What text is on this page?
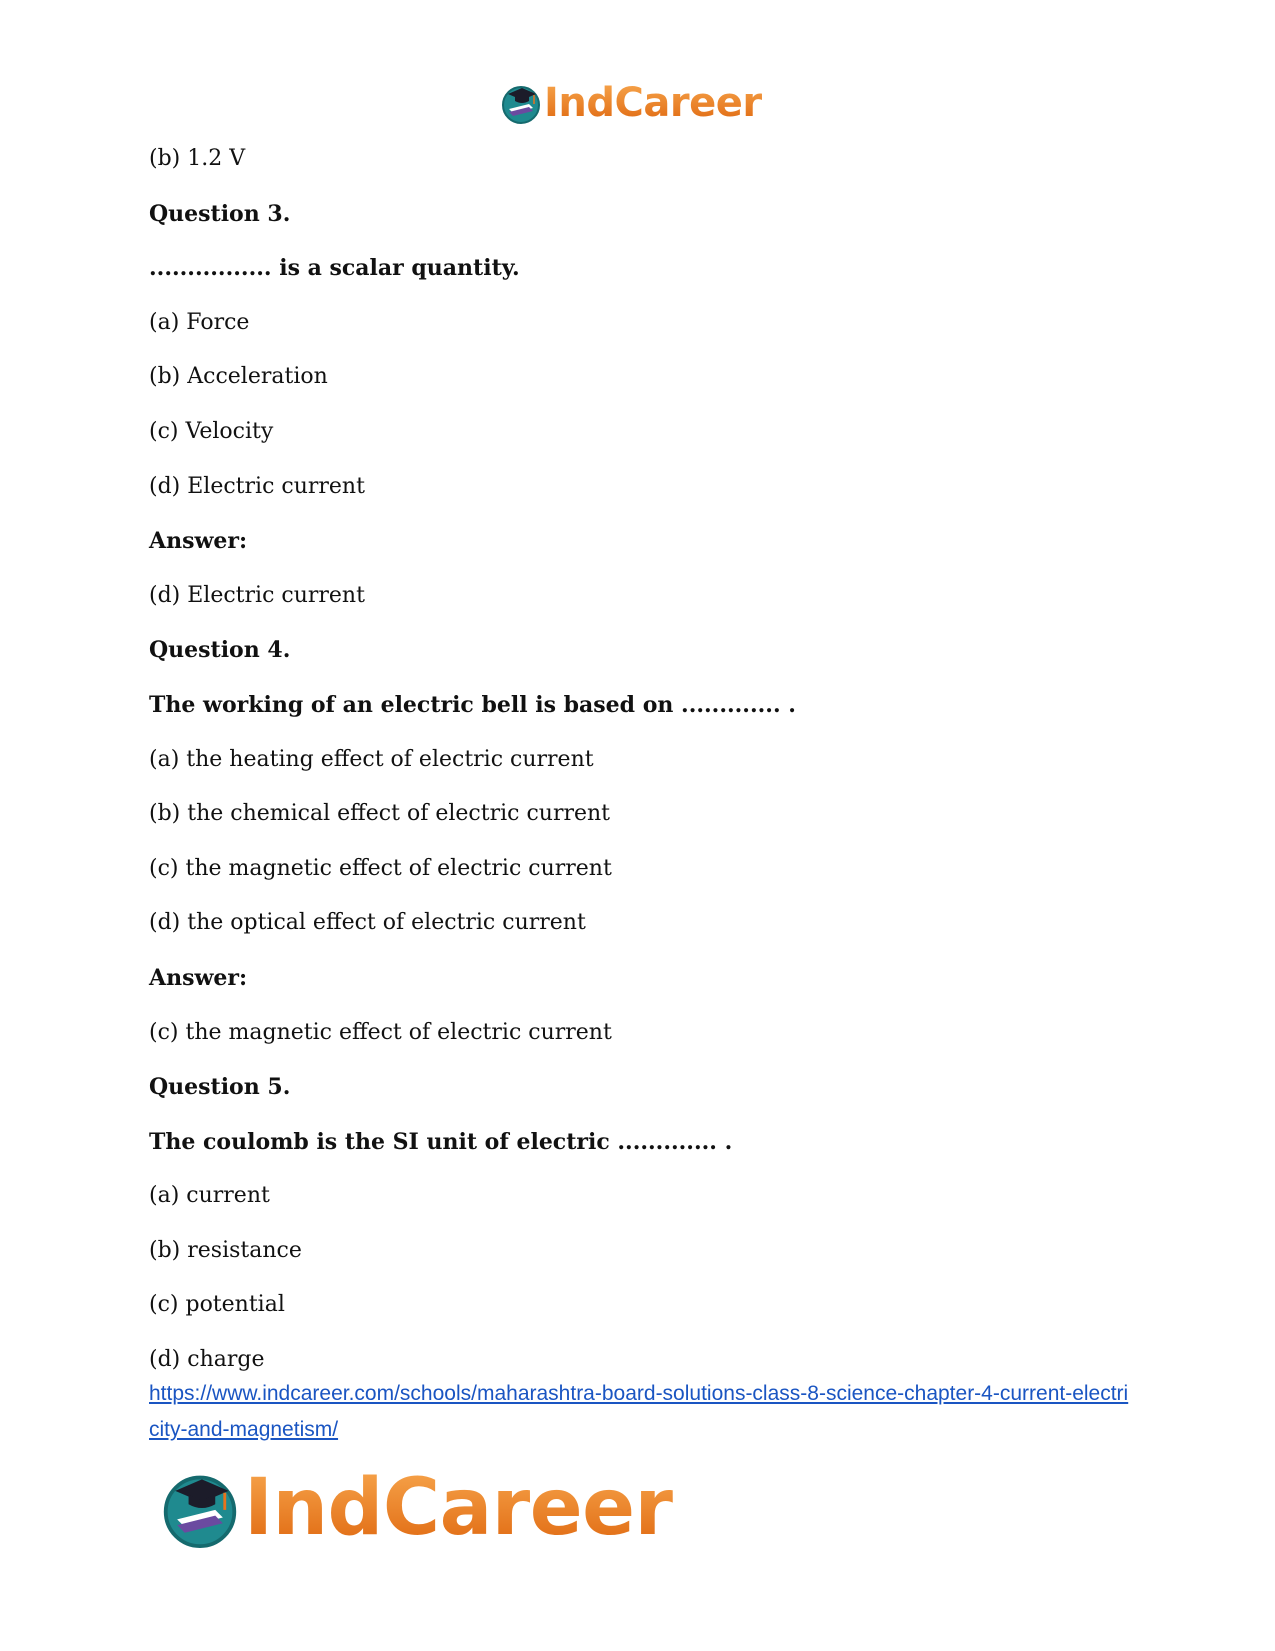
IndCareer
(b) 1.2 V
Question 3.
................ is a scalar quantity.
(a) Force
(b) Acceleration
(c) Velocity
(d) Electric current
Answer:
(d) Electric current
Question 4.
The working of an electric bell is based on ............. .
(a) the heating effect of electric current
(b) the chemical effect of electric current
(c) the magnetic effect of electric current
(d) the optical effect of electric current
Answer:
(c) the magnetic effect of electric current
Question 5.
The coulomb is the SI unit of electric ............. .
(a) current
(b) resistance
(c) potential
(d) charge
https://www.indcareer.com/schools/maharashtra-board-solutions-class-8-science-chapter-4-current-electricity-and-magnetism/
IndCareer
